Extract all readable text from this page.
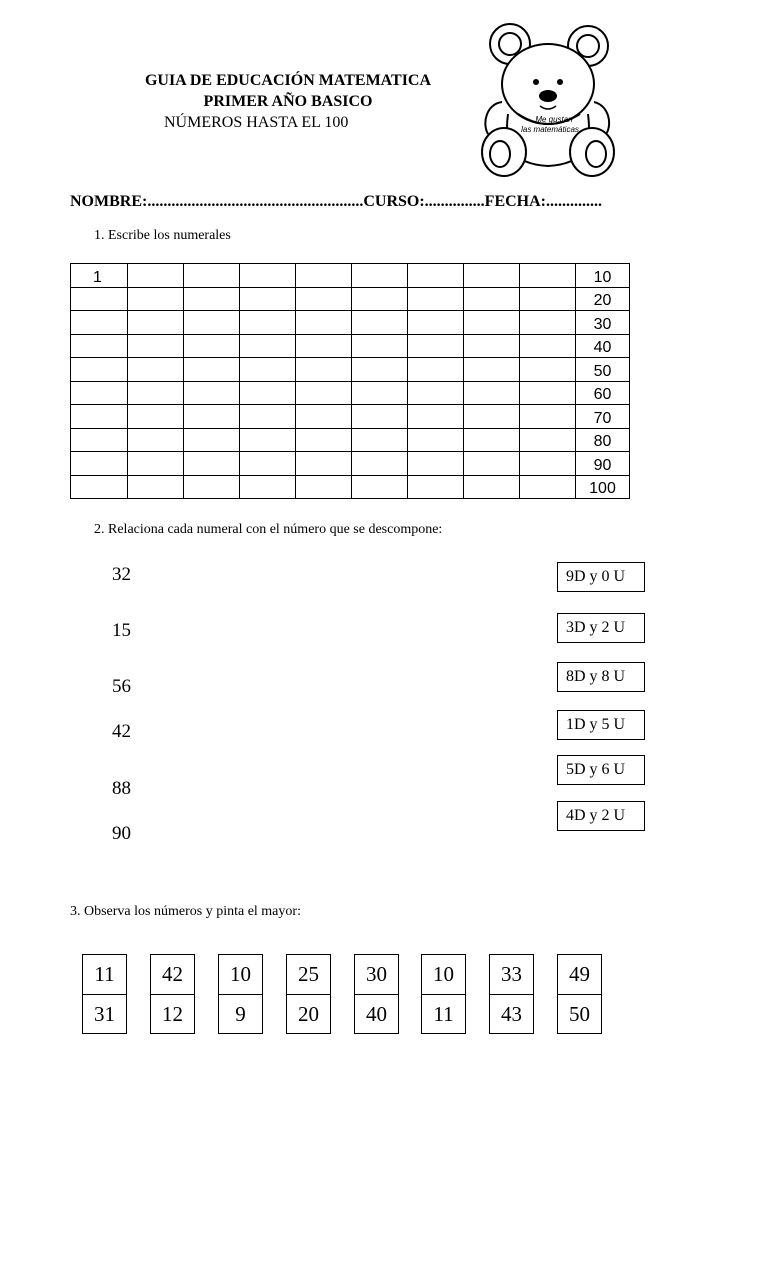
GUIA DE EDUCACIÓN MATEMATICA
PRIMER AÑO BASICO
NÚMEROS HASTA EL 100	Me gustan
las matemáticas
NOMBRE:......................................................CURSO:...............FECHA:..............
1. Escribe los numerales
1									10
									20
									30
									40
									50
									60
									70
									80
									90
									100
2. Relaciona cada numeral con el número que se descompone:
32
15
56
42
88
90
9D y 0 U
3D y 2 U
8D y 8 U
1D y 5 U
5D y 6 U
4D y 2 U
3. Observa los números y pinta el mayor:
11
31
42
12
10
9
25
20
30
40
10
11
33
43
49
50
